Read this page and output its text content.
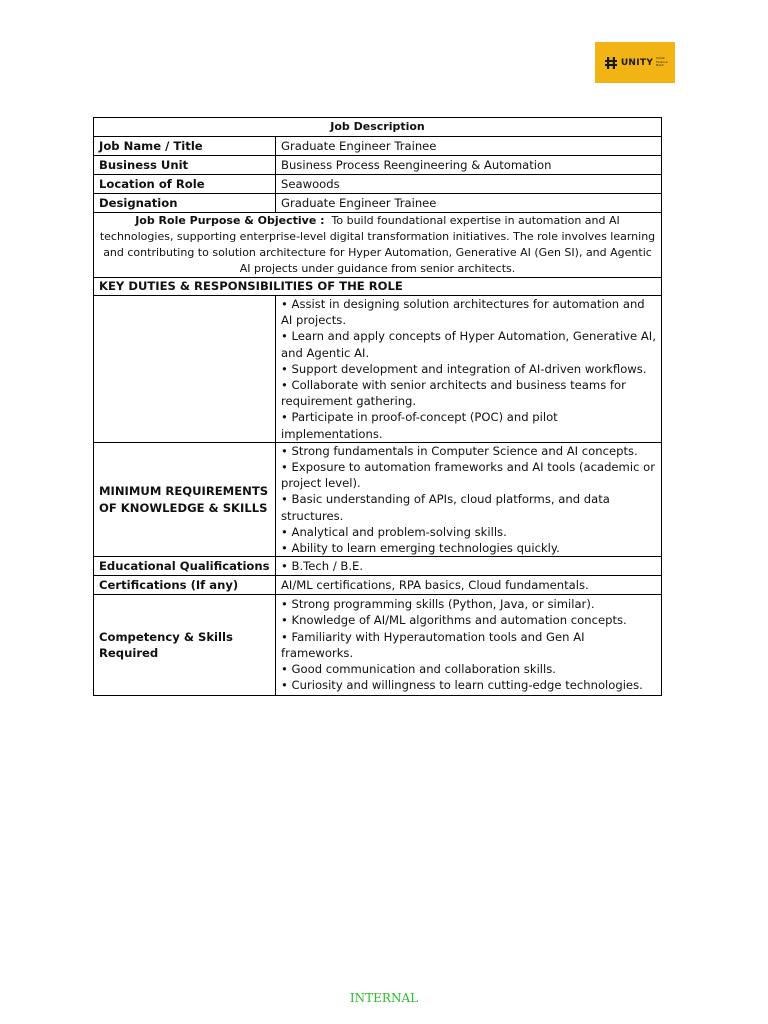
UNITY Small Finance Bank
Job Description	
Job Name / Title	Graduate Engineer Trainee
Business Unit	Business Process Reengineering & Automation
Location of Role	Seawoods
Designation	Graduate Engineer Trainee
Job Role Purpose & Objective : To build foundational expertise in automation and AI technologies, supporting enterprise-level digital transformation initiatives. The role involves learning and contributing to solution architecture for Hyper Automation, Generative AI (Gen SI), and Agentic AI projects under guidance from senior architects.	
KEY DUTIES & RESPONSIBILITIES OF THE ROLE	

	• Assist in designing solution architectures for automation and AI projects.
• Learn and apply concepts of Hyper Automation, Generative AI, and Agentic AI.
• Support development and integration of AI-driven workflows.
• Collaborate with senior architects and business teams for requirement gathering.
• Participate in proof-of-concept (POC) and pilot implementations.

MINIMUM REQUIREMENTS OF KNOWLEDGE & SKILLS	• Strong fundamentals in Computer Science and AI concepts.
• Exposure to automation frameworks and AI tools (academic or project level).
• Basic understanding of APIs, cloud platforms, and data structures.
• Analytical and problem-solving skills.
• Ability to learn emerging technologies quickly.

Educational Qualifications	• B.Tech / B.E.
Certifications (If any)	AI/ML certifications, RPA basics, Cloud fundamentals.
Competency & Skills Required	• Strong programming skills (Python, Java, or similar).
• Knowledge of AI/ML algorithms and automation concepts.
• Familiarity with Hyperautomation tools and Gen AI frameworks.
• Good communication and collaboration skills.
• Curiosity and willingness to learn cutting-edge technologies.
INTERNAL
